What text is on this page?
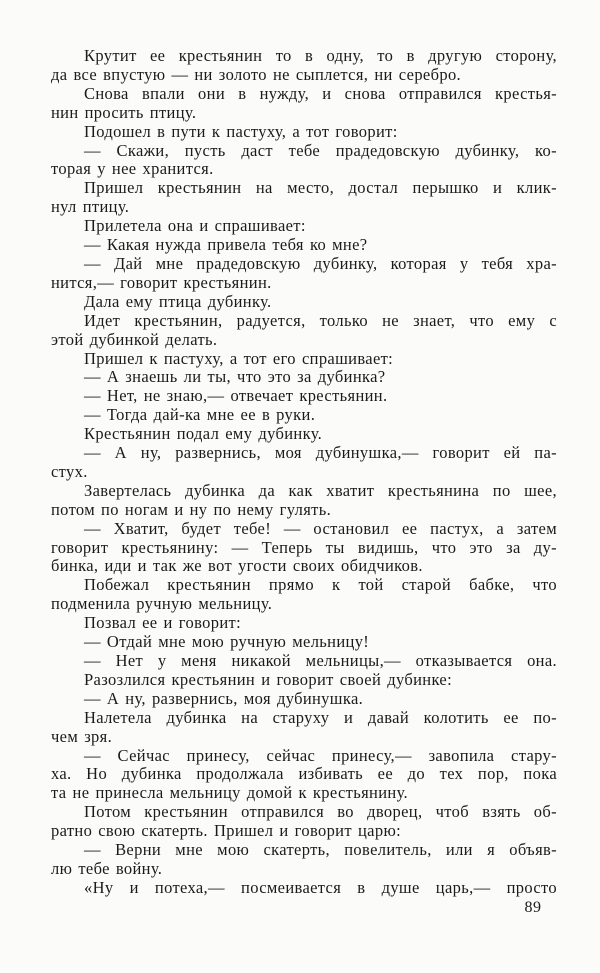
Крутит ее крестьянин то в одну, то в другую сторону,
да все впустую — ни золото не сыплется, ни серебро.
Снова впали они в нужду, и снова отправился крестья-
нин просить птицу.
Подошел в пути к пастуху, а тот говорит:
— Скажи, пусть даст тебе прадедовскую дубинку, ко-
торая у нее хранится.
Пришел крестьянин на место, достал перышко и клик-
нул птицу.
Прилетела она и спрашивает:
— Какая нужда привела тебя ко мне?
— Дай мне прадедовскую дубинку, которая у тебя хра-
нится,— говорит крестьянин.
Дала ему птица дубинку.
Идет крестьянин, радуется, только не знает, что ему с
этой дубинкой делать.
Пришел к пастуху, а тот его спрашивает:
— А знаешь ли ты, что это за дубинка?
— Нет, не знаю,— отвечает крестьянин.
— Тогда дай-ка мне ее в руки.
Крестьянин подал ему дубинку.
— А ну, развернись, моя дубинушка,— говорит ей па-
стух.
Завертелась дубинка да как хватит крестьянина по шее,
потом по ногам и ну по нему гулять.
— Хватит, будет тебе! — остановил ее пастух, а затем
говорит крестьянину: — Теперь ты видишь, что это за ду-
бинка, иди и так же вот угости своих обидчиков.
Побежал крестьянин прямо к той старой бабке, что
подменила ручную мельницу.
Позвал ее и говорит:
— Отдай мне мою ручную мельницу!
— Нет у меня никакой мельницы,— отказывается она.
Разозлился крестьянин и говорит своей дубинке:
— А ну, развернись, моя дубинушка.
Налетела дубинка на старуху и давай колотить ее по-
чем зря.
— Сейчас принесу, сейчас принесу,— завопила стару-
ха. Но дубинка продолжала избивать ее до тех пор, пока
та не принесла мельницу домой к крестьянину.
Потом крестьянин отправился во дворец, чтоб взять об-
ратно свою скатерть. Пришел и говорит царю:
— Верни мне мою скатерть, повелитель, или я объяв-
лю тебе войну.
«Ну и потеха,— посмеивается в душе царь,— просто
89
